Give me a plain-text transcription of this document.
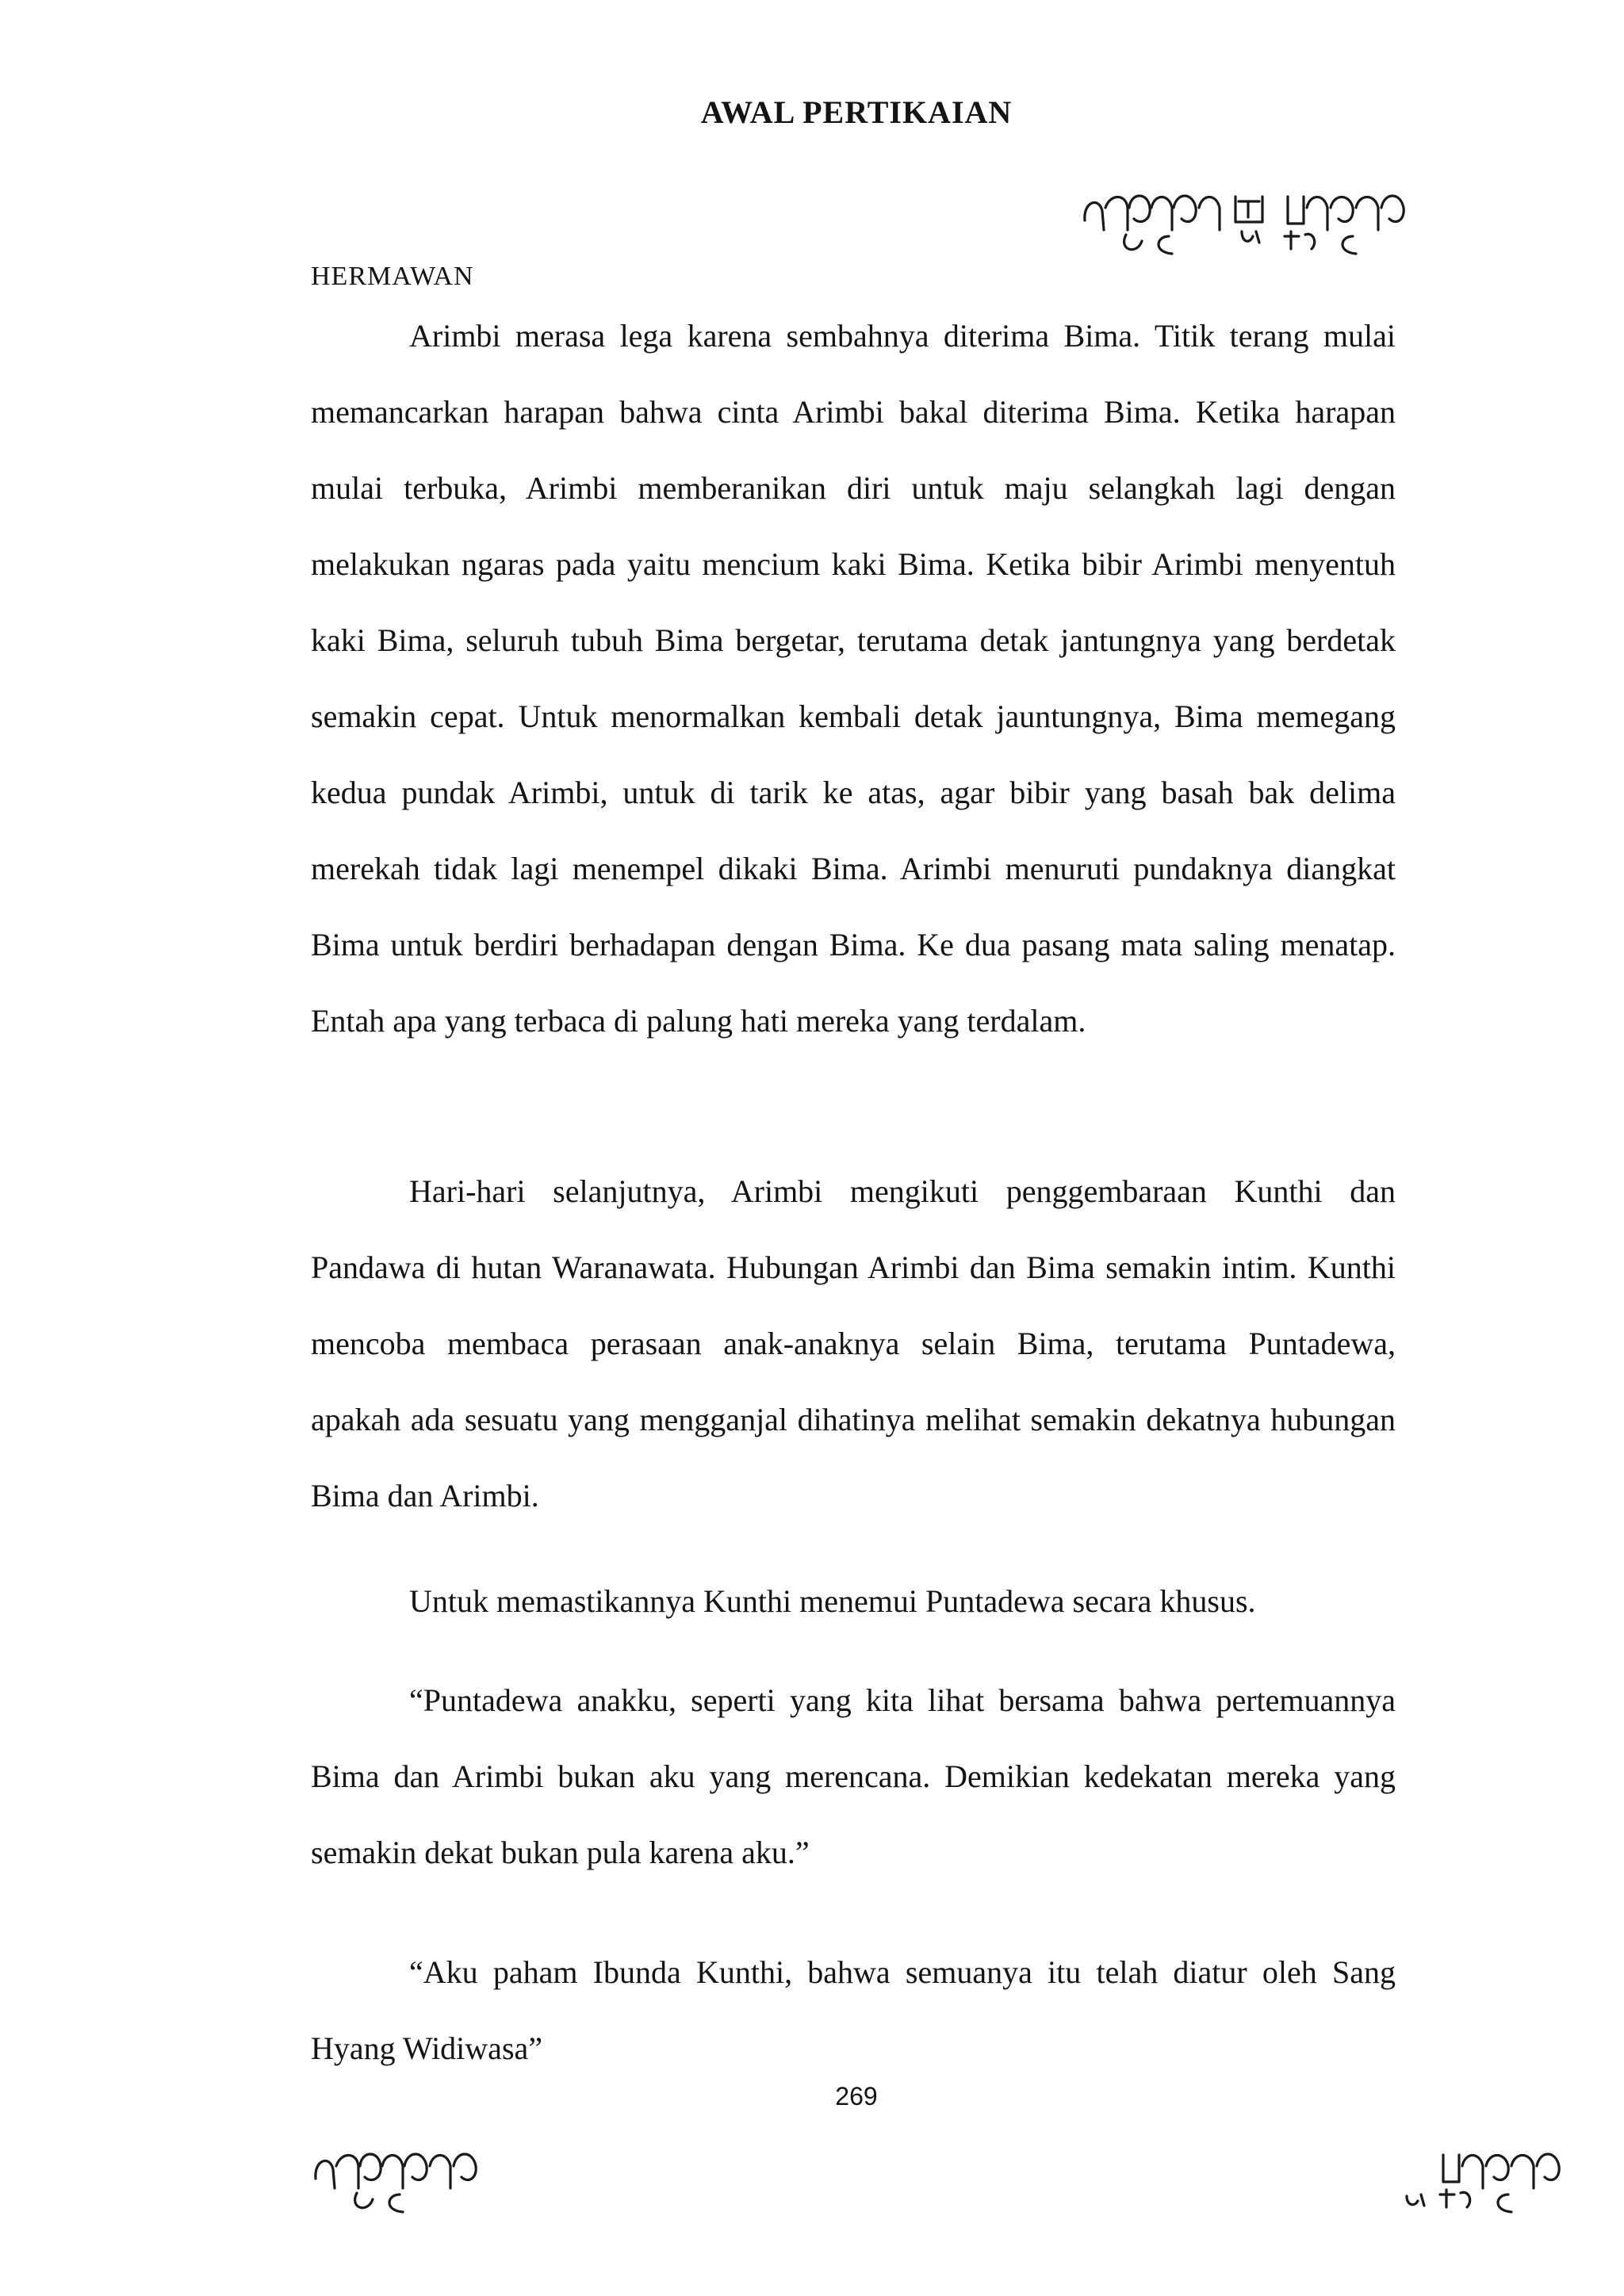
AWAL PERTIKAIAN
HERMAWAN
Arimbi merasa lega karena sembahnya diterima Bima. Titik terang mulai memancarkan harapan bahwa cinta Arimbi bakal diterima Bima. Ketika harapan mulai terbuka, Arimbi memberanikan diri untuk maju selangkah lagi dengan melakukan ngaras pada yaitu mencium kaki Bima. Ketika bibir Arimbi menyentuh kaki Bima, seluruh tubuh Bima bergetar, terutama detak jantungnya yang berdetak semakin cepat. Untuk menormalkan kembali detak jauntungnya, Bima memegang kedua pundak Arimbi, untuk di tarik ke atas, agar bibir yang basah bak delima merekah tidak lagi menempel dikaki Bima. Arimbi menuruti pundaknya diangkat Bima untuk berdiri berhadapan dengan Bima. Ke dua pasang mata saling menatap. Entah apa yang terbaca di palung hati mereka yang terdalam.
Hari-hari selanjutnya, Arimbi mengikuti penggembaraan Kunthi dan Pandawa di hutan Waranawata. Hubungan Arimbi dan Bima semakin intim. Kunthi mencoba membaca perasaan anak-anaknya selain Bima, terutama Puntadewa, apakah ada sesuatu yang mengganjal dihatinya melihat semakin dekatnya hubungan Bima dan Arimbi.
Untuk memastikannya Kunthi menemui Puntadewa secara khusus.
“Puntadewa anakku, seperti yang kita lihat bersama bahwa pertemuannya Bima dan Arimbi bukan aku yang merencana. Demikian kedekatan mereka yang semakin dekat bukan pula karena aku.”
“Aku paham Ibunda Kunthi, bahwa semuanya itu telah diatur oleh Sang Hyang Widiwasa”
269
